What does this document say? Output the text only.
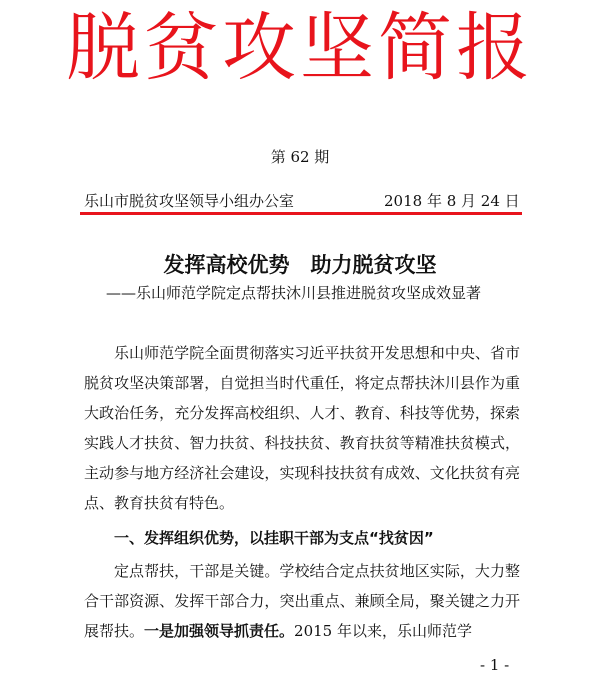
脱贫攻坚简报
第 62 期
乐山市脱贫攻坚领导小组办公室	2018 年 8 月 24 日
发挥高校优势　助力脱贫攻坚
——乐山师范学院定点帮扶沐川县推进脱贫攻坚成效显著

乐山师范学院全面贯彻落实习近平扶贫开发思想和中央、省市脱贫攻坚决策部署，自觉担当时代重任，将定点帮扶沐川县作为重大政治任务，充分发挥高校组织、人才、教育、科技等优势，探索实践人才扶贫、智力扶贫、科技扶贫、教育扶贫等精准扶贫模式，主动参与地方经济社会建设，实现科技扶贫有成效、文化扶贫有亮点、教育扶贫有特色。

一、发挥组织优势，以挂职干部为支点“找贫因”

定点帮扶，干部是关键。学校结合定点扶贫地区实际，大力整合干部资源、发挥干部合力，突出重点、兼顾全局，聚关键之力开展帮扶。一是加强领导抓责任。2015 年以来，乐山师范学

- 1 -
